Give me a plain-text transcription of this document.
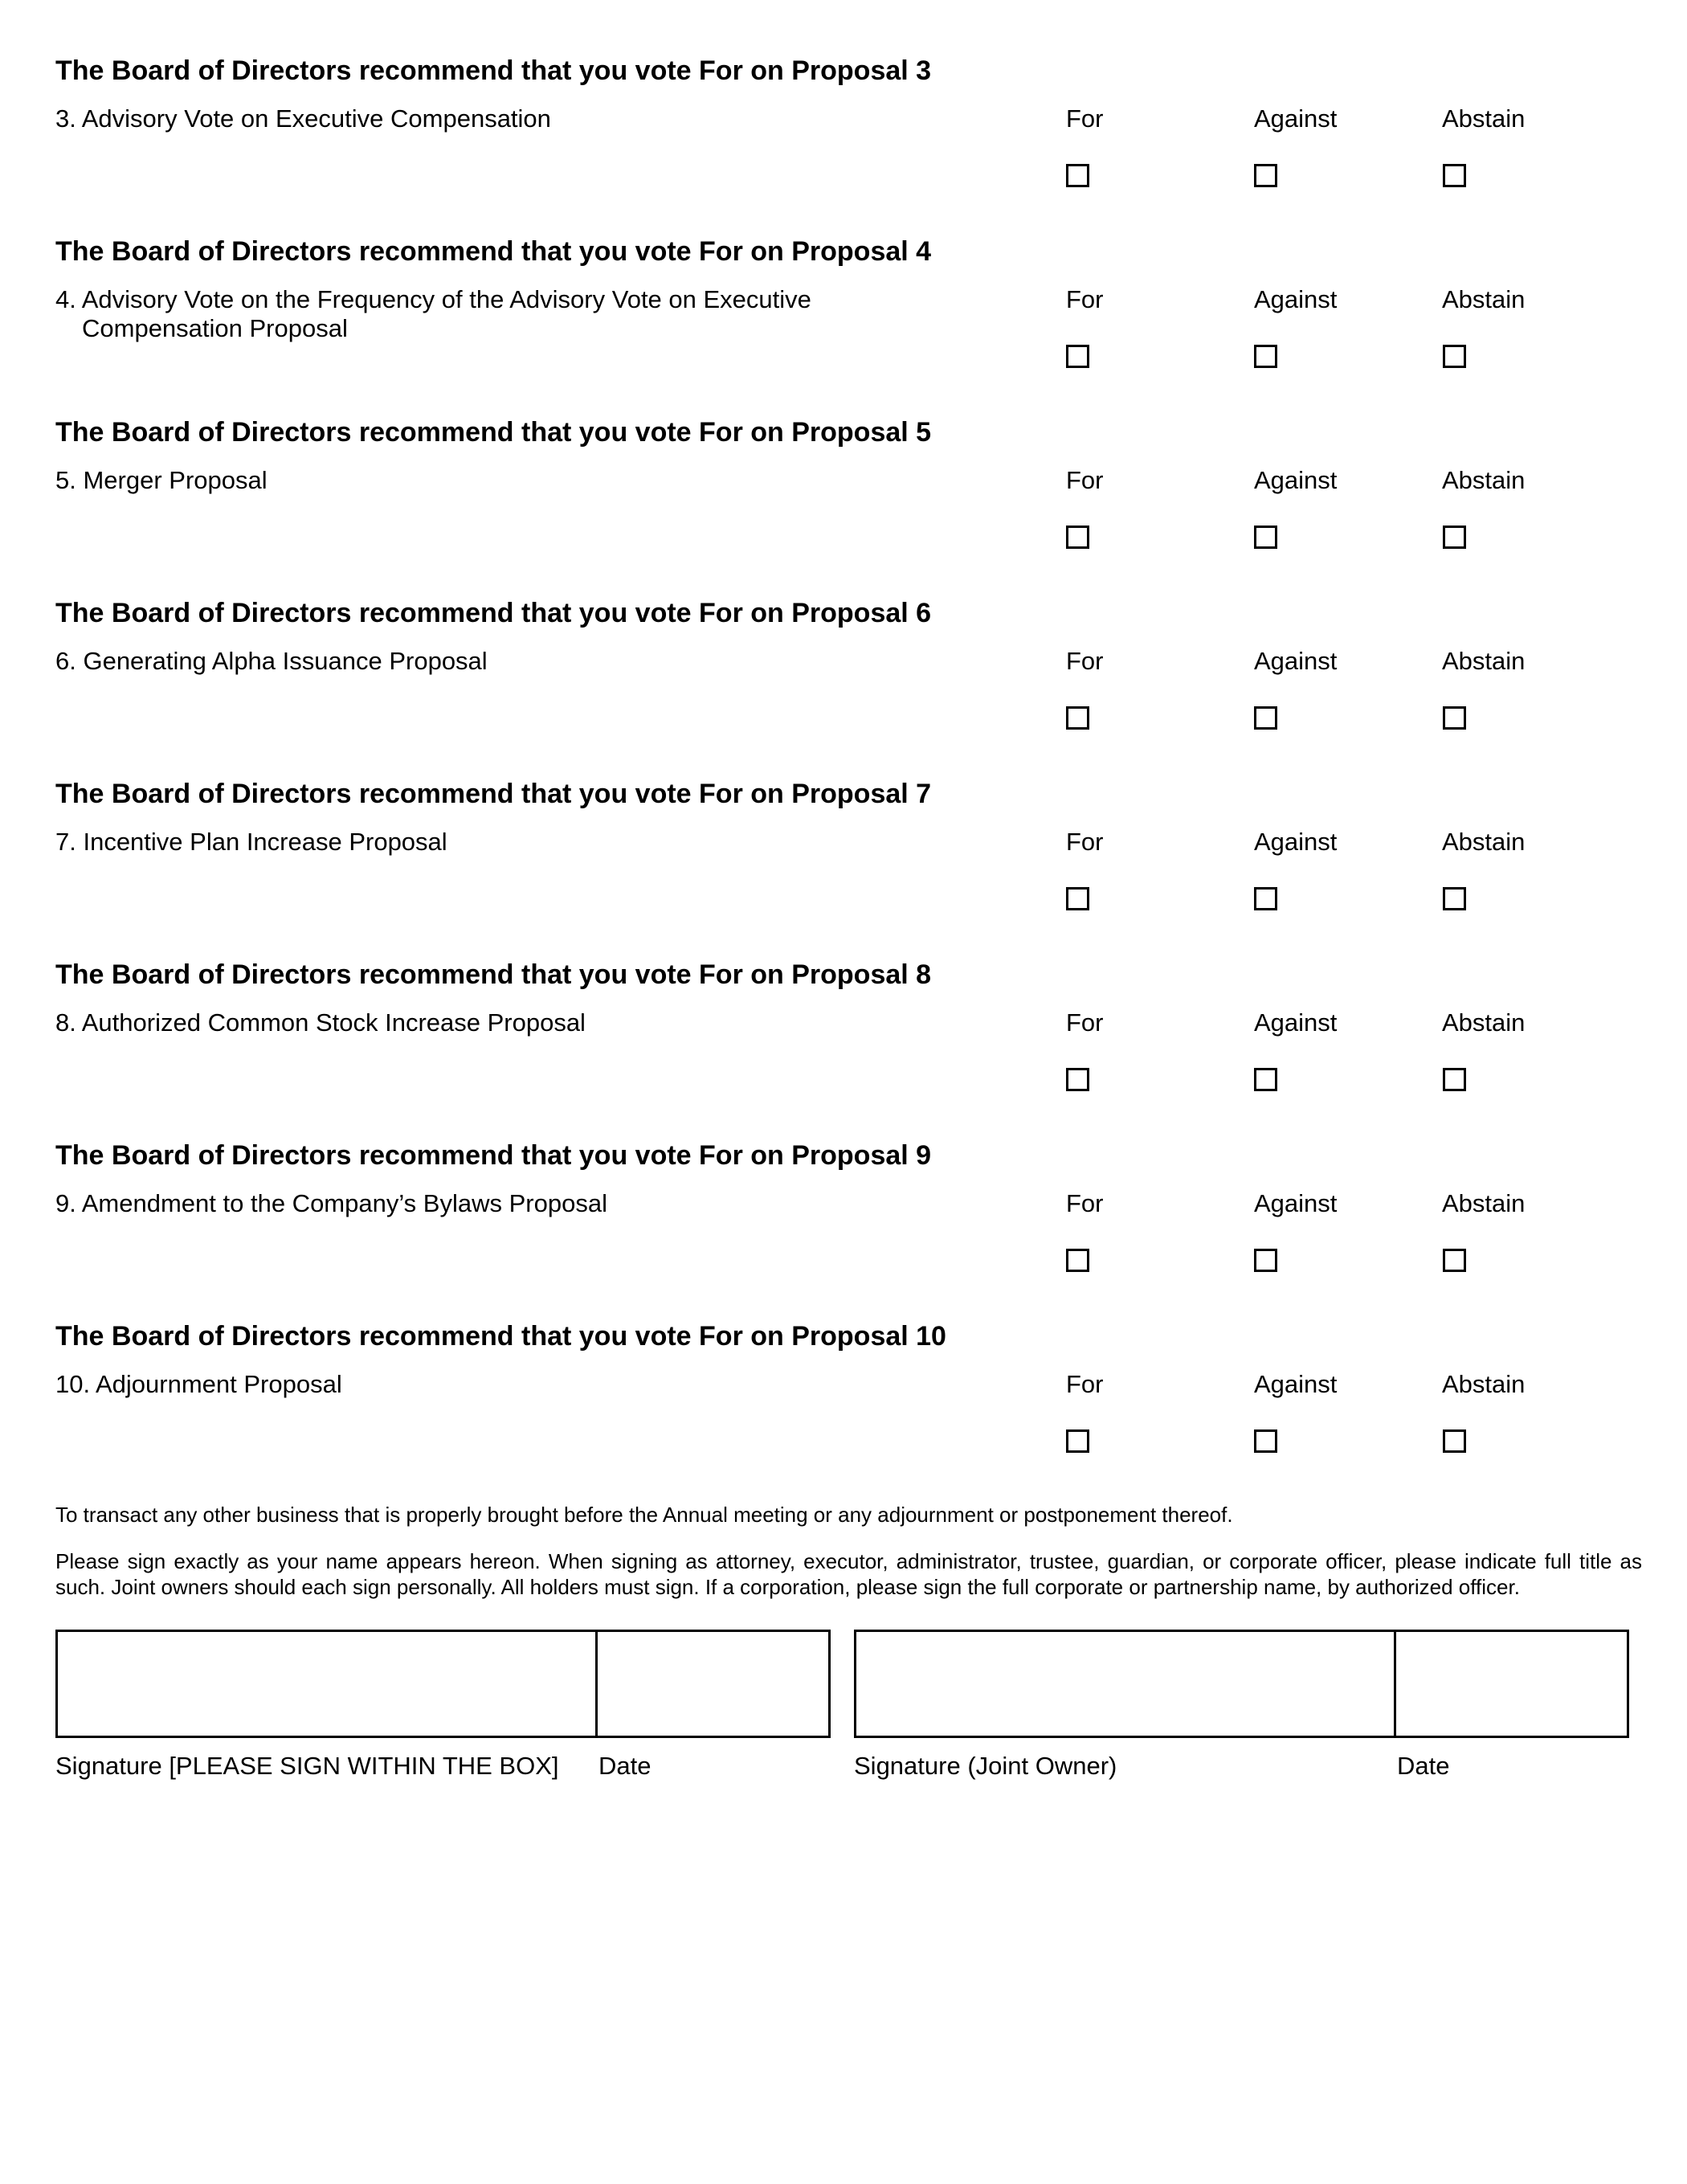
The Board of Directors recommend that you vote For on Proposal 3
3. Advisory Vote on Executive Compensation	For	Against	Abstain
The Board of Directors recommend that you vote For on Proposal 4
4. Advisory Vote on the Frequency of the Advisory Vote on Executive Compensation Proposal
For	Against	Abstain
The Board of Directors recommend that you vote For on Proposal 5
5. Merger Proposal	For	Against	Abstain
The Board of Directors recommend that you vote For on Proposal 6
6. Generating Alpha Issuance Proposal	For	Against	Abstain
The Board of Directors recommend that you vote For on Proposal 7
7. Incentive Plan Increase Proposal	For	Against	Abstain
The Board of Directors recommend that you vote For on Proposal 8
8. Authorized Common Stock Increase Proposal	For	Against	Abstain
The Board of Directors recommend that you vote For on Proposal 9
9. Amendment to the Company’s Bylaws Proposal	For	Against	Abstain
The Board of Directors recommend that you vote For on Proposal 10
10. Adjournment Proposal	For	Against	Abstain
To transact any other business that is properly brought before the Annual meeting or any adjournment or postponement thereof.
Please sign exactly as your name appears hereon. When signing as attorney, executor, administrator, trustee, guardian, or corporate officer, please indicate full title as such. Joint owners should each sign personally. All holders must sign. If a corporation, please sign the full corporate or partnership name, by authorized officer.
Signature [PLEASE SIGN WITHIN THE BOX] Date	Signature (Joint Owner)	Date
